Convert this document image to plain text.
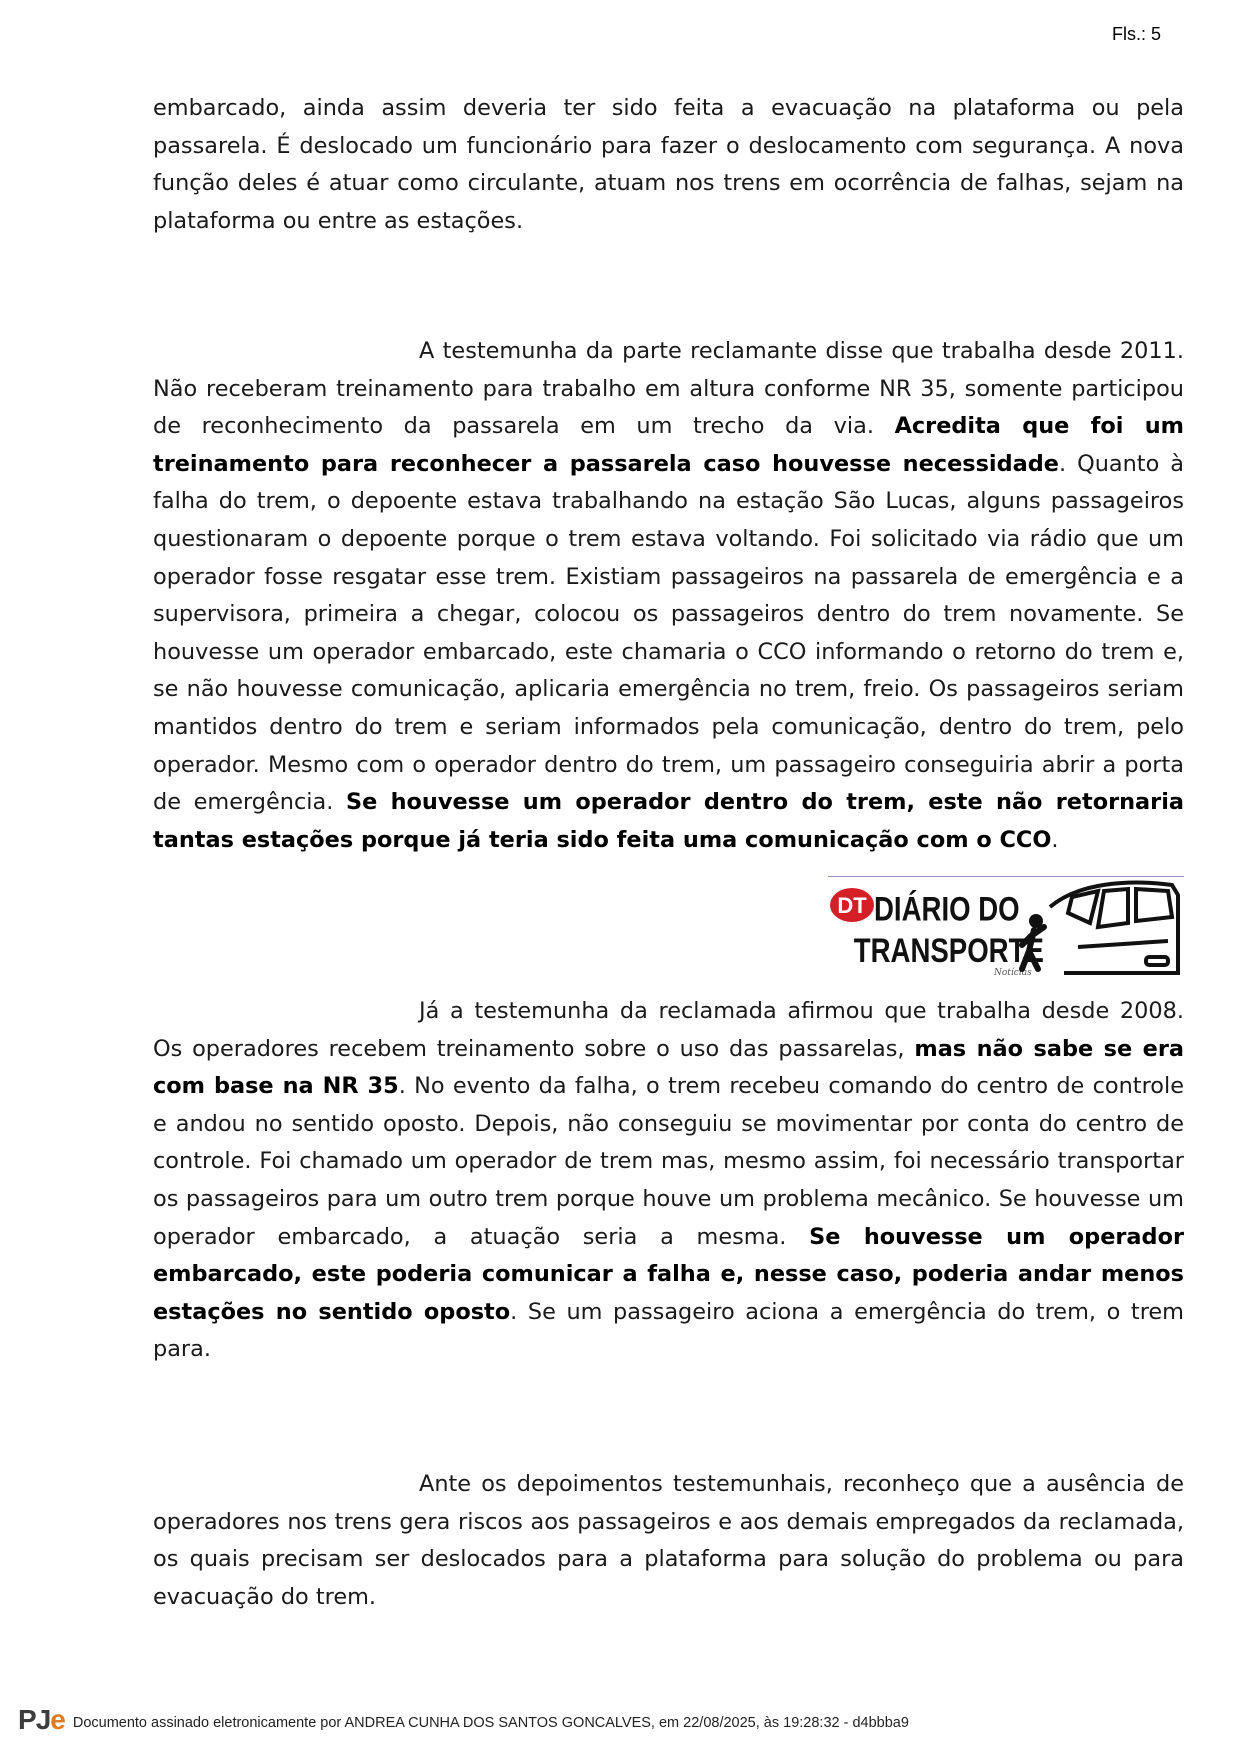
Fls.: 5

embarcado, ainda assim deveria ter sido feita a evacuação na plataforma ou pela passarela. É deslocado um funcionário para fazer o deslocamento com segurança. A nova função deles é atuar como circulante, atuam nos trens em ocorrência de falhas, sejam na plataforma ou entre as estações.

A testemunha da parte reclamante disse que trabalha desde 2011. Não receberam treinamento para trabalho em altura conforme NR 35, somente participou de reconhecimento da passarela em um trecho da via. Acredita que foi um treinamento para reconhecer a passarela caso houvesse necessidade. Quanto à falha do trem, o depoente estava trabalhando na estação São Lucas, alguns passageiros questionaram o depoente porque o trem estava voltando. Foi solicitado via rádio que um operador fosse resgatar esse trem. Existiam passageiros na passarela de emergência e a supervisora, primeira a chegar, colocou os passageiros dentro do trem novamente. Se houvesse um operador embarcado, este chamaria o CCO informando o retorno do trem e, se não houvesse comunicação, aplicaria emergência no trem, freio. Os passageiros seriam mantidos dentro do trem e seriam informados pela comunicação, dentro do trem, pelo operador. Mesmo com o operador dentro do trem, um passageiro conseguiria abrir a porta de emergência. Se houvesse um operador dentro do trem, este não retornaria tantas estações porque já teria sido feita uma comunicação com o CCO.

Já a testemunha da reclamada afirmou que trabalha desde 2008. Os operadores recebem treinamento sobre o uso das passarelas, mas não sabe se era com base na NR 35. No evento da falha, o trem recebeu comando do centro de controle e andou no sentido oposto. Depois, não conseguiu se movimentar por conta do centro de controle. Foi chamado um operador de trem mas, mesmo assim, foi necessário transportar os passageiros para um outro trem porque houve um problema mecânico. Se houvesse um operador embarcado, a atuação seria a mesma. Se houvesse um operador embarcado, este poderia comunicar a falha e, nesse caso, poderia andar menos estações no sentido oposto. Se um passageiro aciona a emergência do trem, o trem para.

Ante os depoimentos testemunhais, reconheço que a ausência de operadores nos trens gera riscos aos passageiros e aos demais empregados da reclamada, os quais precisam ser deslocados para a plataforma para solução do problema ou para evacuação do trem.

DT DIÁRIO DO
TRANSPORTE
Notícias
P J e Documento assinado eletronicamente por ANDREA CUNHA DOS SANTOS GONCALVES, em 22/08/2025, às 19:28:32 - d4bbba9
